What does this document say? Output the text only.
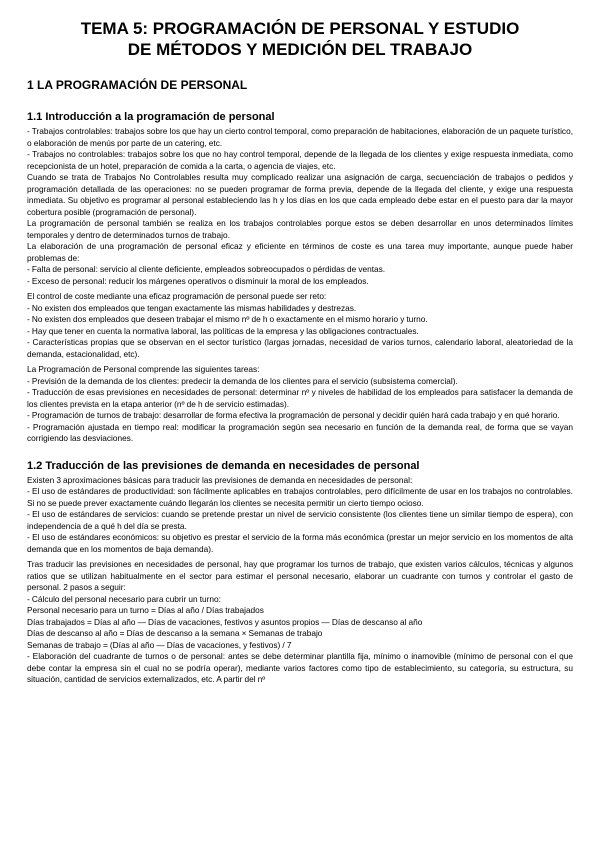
TEMA 5: PROGRAMACIÓN DE PERSONAL Y ESTUDIO
DE MÉTODOS Y MEDICIÓN DEL TRABAJO
1 LA PROGRAMACIÓN DE PERSONAL
1.1 Introducción a la programación de personal

- Trabajos controlables: trabajos sobre los que hay un cierto control temporal, como preparación de habitaciones, elaboración de un paquete turístico, o elaboración de menús por parte de un catering, etc.

- Trabajos no controlables: trabajos sobre los que no hay control temporal, depende de la llegada de los clientes y exige respuesta inmediata, como recepcionista de un hotel, preparación de comida a la carta, o agencia de viajes, etc.

Cuando se trata de Trabajos No Controlables resulta muy complicado realizar una asignación de carga, secuenciación de trabajos o pedidos y programación detallada de las operaciones: no se pueden programar de forma previa, depende de la llegada del cliente, y exige una respuesta inmediata. Su objetivo es programar al personal estableciendo las h y los días en los que cada empleado debe estar en el puesto para dar la mayor cobertura posible (programación de personal).

La programación de personal también se realiza en los trabajos controlables porque estos se deben desarrollar en unos determinados límites temporales y dentro de determinados turnos de trabajo.

La elaboración de una programación de personal eficaz y eficiente en términos de coste es una tarea muy importante, aunque puede haber problemas de:

- Falta de personal: servicio al cliente deficiente, empleados sobreocupados o pérdidas de ventas.

- Exceso de personal: reducir los márgenes operativos o disminuir la moral de los empleados.

El control de coste mediante una eficaz programación de personal puede ser reto:

- No existen dos empleados que tengan exactamente las mismas habilidades y destrezas.

- No existen dos empleados que deseen trabajar el mismo nº de h o exactamente en el mismo horario y turno.

- Hay que tener en cuenta la normativa laboral, las políticas de la empresa y las obligaciones contractuales.

- Características propias que se observan en el sector turístico (largas jornadas, necesidad de varios turnos, calendario laboral, aleatoriedad de la demanda, estacionalidad, etc).

La Programación de Personal comprende las siguientes tareas:

- Previsión de la demanda de los clientes: predecir la demanda de los clientes para el servicio (subsistema comercial).

- Traducción de esas previsiones en necesidades de personal: determinar nº y niveles de habilidad de los empleados para satisfacer la demanda de los clientes prevista en la etapa anterior (nº de h de servicio estimadas).

- Programación de turnos de trabajo: desarrollar de forma efectiva la programación de personal y decidir quién hará cada trabajo y en qué horario.

- Programación ajustada en tiempo real: modificar la programación según sea necesario en función de la demanda real, de forma que se vayan corrigiendo las desviaciones.

1.2 Traducción de las previsiones de demanda en necesidades de personal

Existen 3 aproximaciones básicas para traducir las previsiones de demanda en necesidades de personal:

- El uso de estándares de productividad: son fácilmente aplicables en trabajos controlables, pero difícilmente de usar en los trabajos no controlables. Si no se puede prever exactamente cuándo llegarán los clientes se necesita permitir un cierto tiempo ocioso.

- El uso de estándares de servicios: cuando se pretende prestar un nivel de servicio consistente (los clientes tiene un similar tiempo de espera), con independencia de a qué h del día se presta.

- El uso de estándares económicos: su objetivo es prestar el servicio de la forma más económica (prestar un mejor servicio en los momentos de alta demanda que en los momentos de baja demanda).

Tras traducir las previsiones en necesidades de personal, hay que programar los turnos de trabajo, que existen varios cálculos, técnicas y algunos ratios que se utilizan habitualmente en el sector para estimar el personal necesario, elaborar un cuadrante con turnos y controlar el gasto de personal. 2 pasos a seguir:

- Cálculo del personal necesario para cubrir un turno:

Personal necesario para un turno = Días al año / Días trabajados

Días trabajados = Días al año — Días de vacaciones, festivos y asuntos propios — Días de descanso al año

Días de descanso al año = Días de descanso a la semana × Semanas de trabajo

Semanas de trabajo = (Días al año — Días de vacaciones, y festivos) / 7

- Elaboración del cuadrante de turnos o de personal: antes se debe determinar plantilla fija, mínimo o inamovible (mínimo de personal con el que debe contar la empresa sin el cual no se podría operar), mediante varios factores como tipo de establecimiento, su categoría, su estructura, su situación, cantidad de servicios externalizados, etc. A partir del nº
